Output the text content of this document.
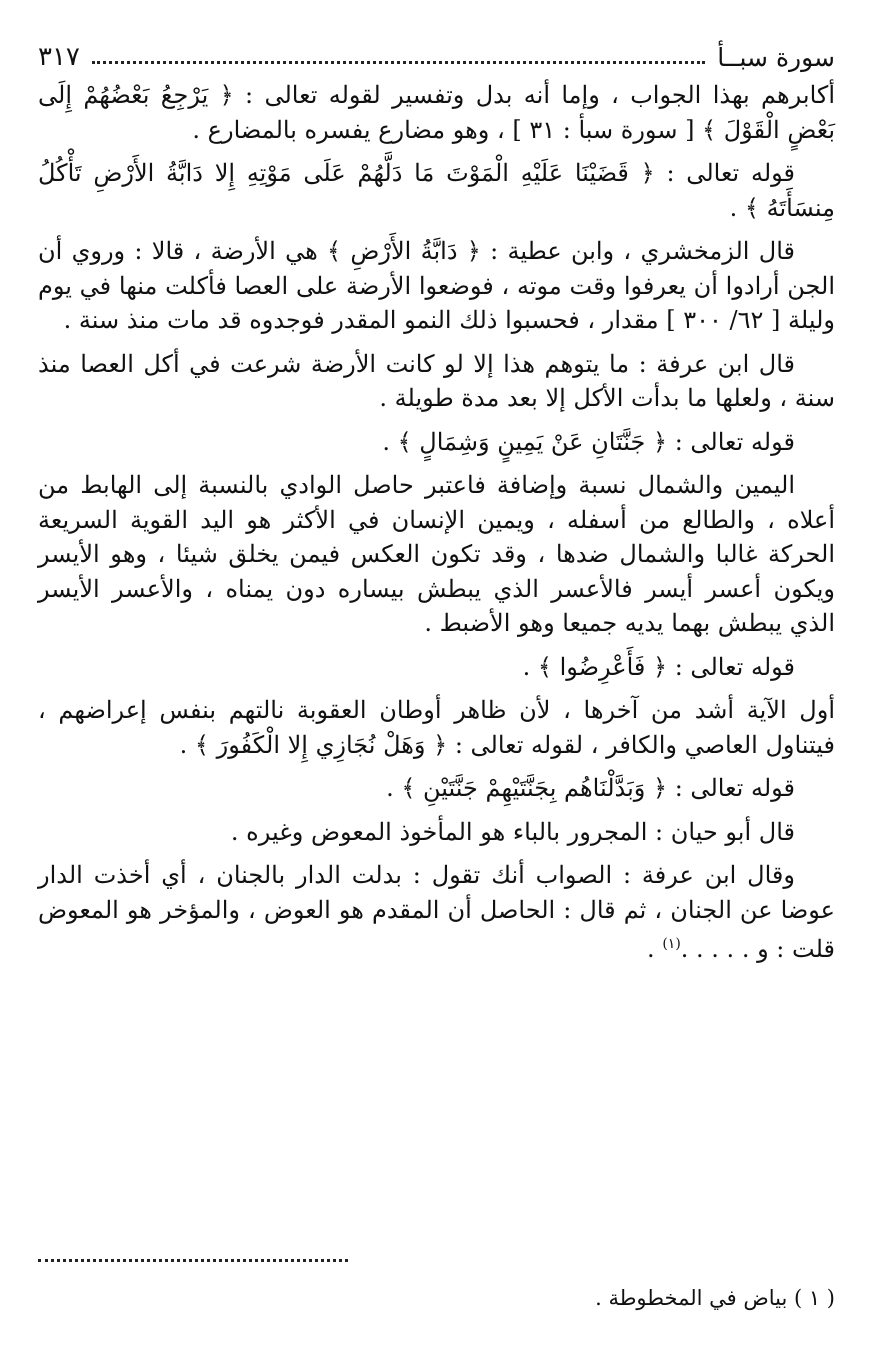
سورة سبــأ
٣١٧

أكابرهم بهذا الجواب ، وإما أنه بدل وتفسير لقوله تعالى : ﴿ يَرْجِعُ بَعْضُهُمْ إِلَى بَعْضٍ الْقَوْلَ ﴾ [ سورة سبأ : ٣١ ] ، وهو مضارع يفسره بالمضارع .

قوله تعالى : ﴿ قَضَيْنَا عَلَيْهِ الْمَوْتَ مَا دَلَّهُمْ عَلَى مَوْتِهِ إِلا دَابَّةُ الأَرْضِ تَأْكُلُ مِنسَأَتَهُ ﴾ .

قال الزمخشري ، وابن عطية : ﴿ دَابَّةُ الأَرْضِ ﴾ هي الأرضة ، قالا : وروي أن الجن أرادوا أن يعرفوا وقت موته ، فوضعوا الأرضة على العصا فأكلت منها في يوم وليلة [ ٦٢/ ٣٠٠ ] مقدار ، فحسبوا ذلك النمو المقدر فوجدوه قد مات منذ سنة .

قال ابن عرفة : ما يتوهم هذا إلا لو كانت الأرضة شرعت في أكل العصا منذ سنة ، ولعلها ما بدأت الأكل إلا بعد مدة طويلة .

قوله تعالى : ﴿ جَنَّتَانِ عَنْ يَمِينٍ وَشِمَالٍ ﴾ .

اليمين والشمال نسبة وإضافة فاعتبر حاصل الوادي بالنسبة إلى الهابط من أعلاه ، والطالع من أسفله ، ويمين الإنسان في الأكثر هو اليد القوية السريعة الحركة غالبا والشمال ضدها ، وقد تكون العكس فيمن يخلق شيئا ، وهو الأيسر ويكون أعسر أيسر فالأعسر الذي يبطش بيساره دون يمناه ، والأعسر الأيسر الذي يبطش بهما يديه جميعا وهو الأضبط .

قوله تعالى : ﴿ فَأَعْرِضُوا ﴾ .

أول الآية أشد من آخرها ، لأن ظاهر أوطان العقوبة نالتهم بنفس إعراضهم ، فيتناول العاصي والكافر ، لقوله تعالى : ﴿ وَهَلْ نُجَازِي إِلا الْكَفُورَ ﴾ .

قوله تعالى : ﴿ وَبَدَّلْنَاهُم بِجَنَّتَيْهِمْ جَنَّتَيْنِ ﴾ .

قال أبو حيان : المجرور بالباء هو المأخوذ المعوض وغيره .

وقال ابن عرفة : الصواب أنك تقول : بدلت الدار بالجنان ، أي أخذت الدار عوضا عن الجنان ، ثم قال : الحاصل أن المقدم هو العوض ، والمؤخر هو المعوض قلت : و . . . . .$^{(١)}$ .

( ١ ) بياض في المخطوطة .
